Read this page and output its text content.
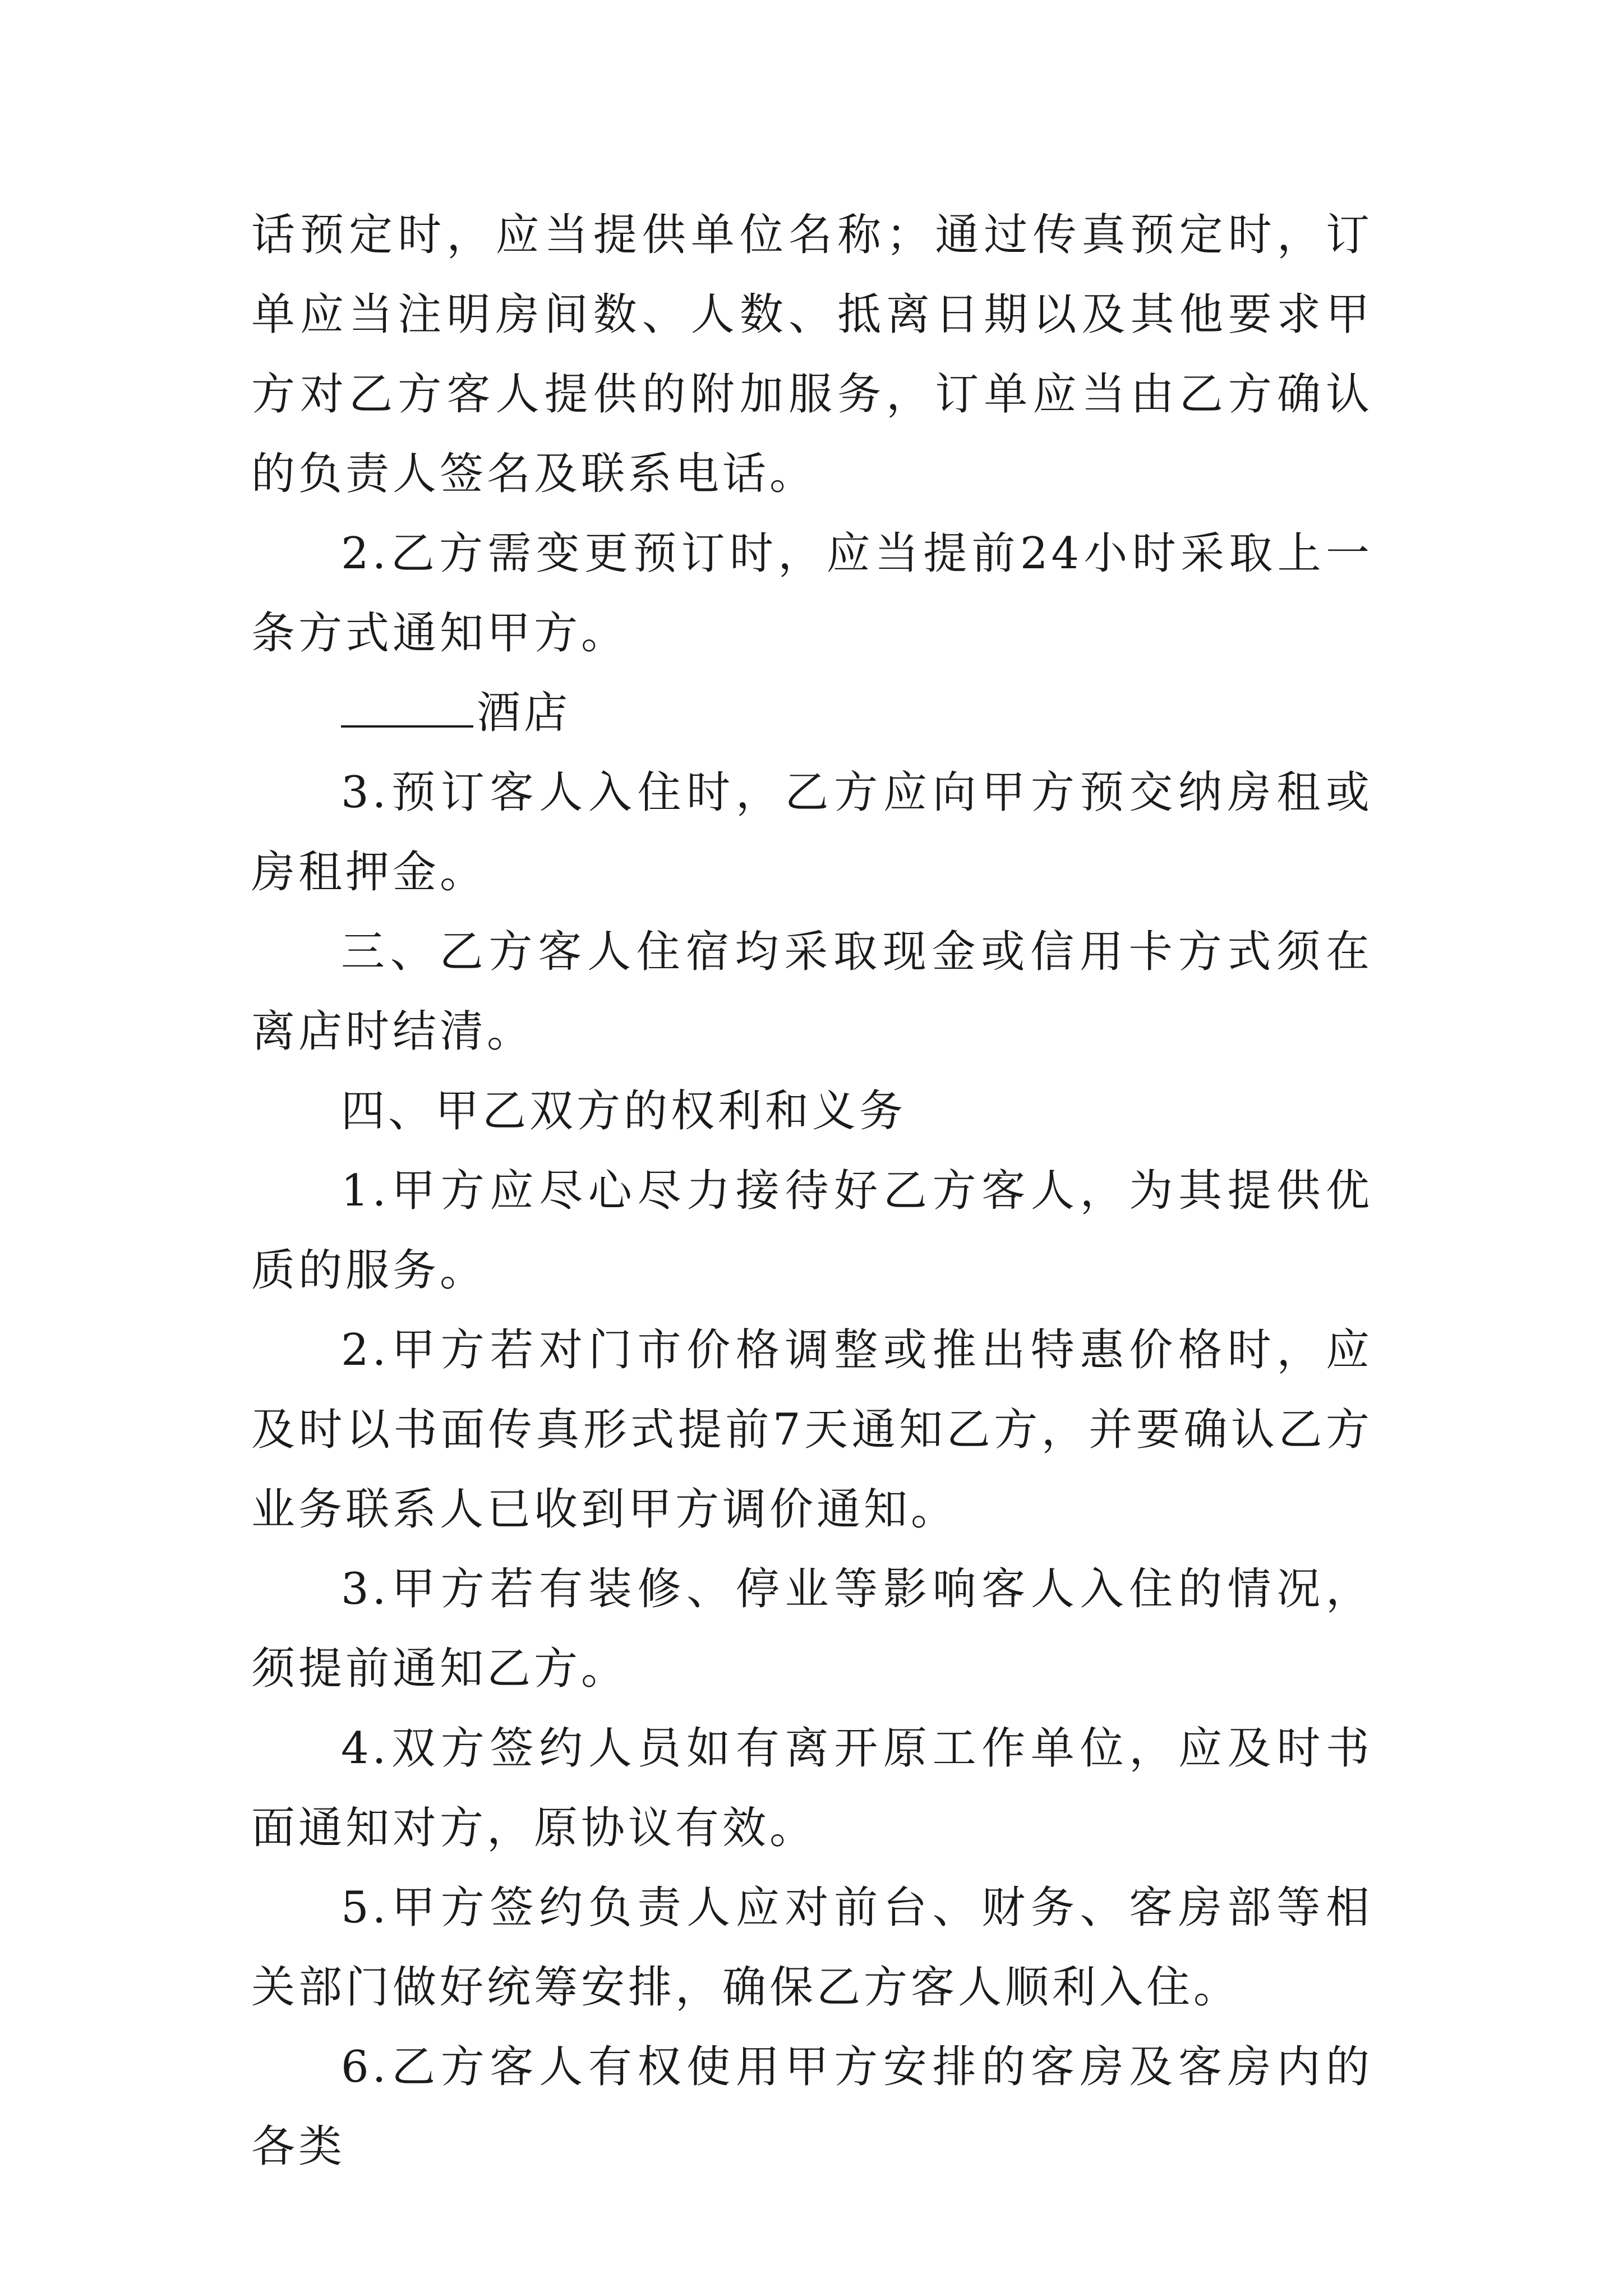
话预定时，应当提供单位名称；通过传真预定时，订单应当注明房间数、人数、抵离日期以及其他要求甲方对乙方客人提供的附加服务，订单应当由乙方确认的负责人签名及联系电话。

2.乙方需变更预订时，应当提前24小时采取上一条方式通知甲方。

酒店

3.预订客人入住时，乙方应向甲方预交纳房租或房租押金。

三、乙方客人住宿均采取现金或信用卡方式须在离店时结清。

四、甲乙双方的权利和义务

1.甲方应尽心尽力接待好乙方客人，为其提供优质的服务。

2.甲方若对门市价格调整或推出特惠价格时，应及时以书面传真形式提前7天通知乙方，并要确认乙方业务联系人已收到甲方调价通知。

3.甲方若有装修、停业等影响客人入住的情况，须提前通知乙方。

4.双方签约人员如有离开原工作单位，应及时书面通知对方，原协议有效。

5.甲方签约负责人应对前台、财务、客房部等相关部门做好统筹安排，确保乙方客人顺利入住。

6.乙方客人有权使用甲方安排的客房及客房内的各类
